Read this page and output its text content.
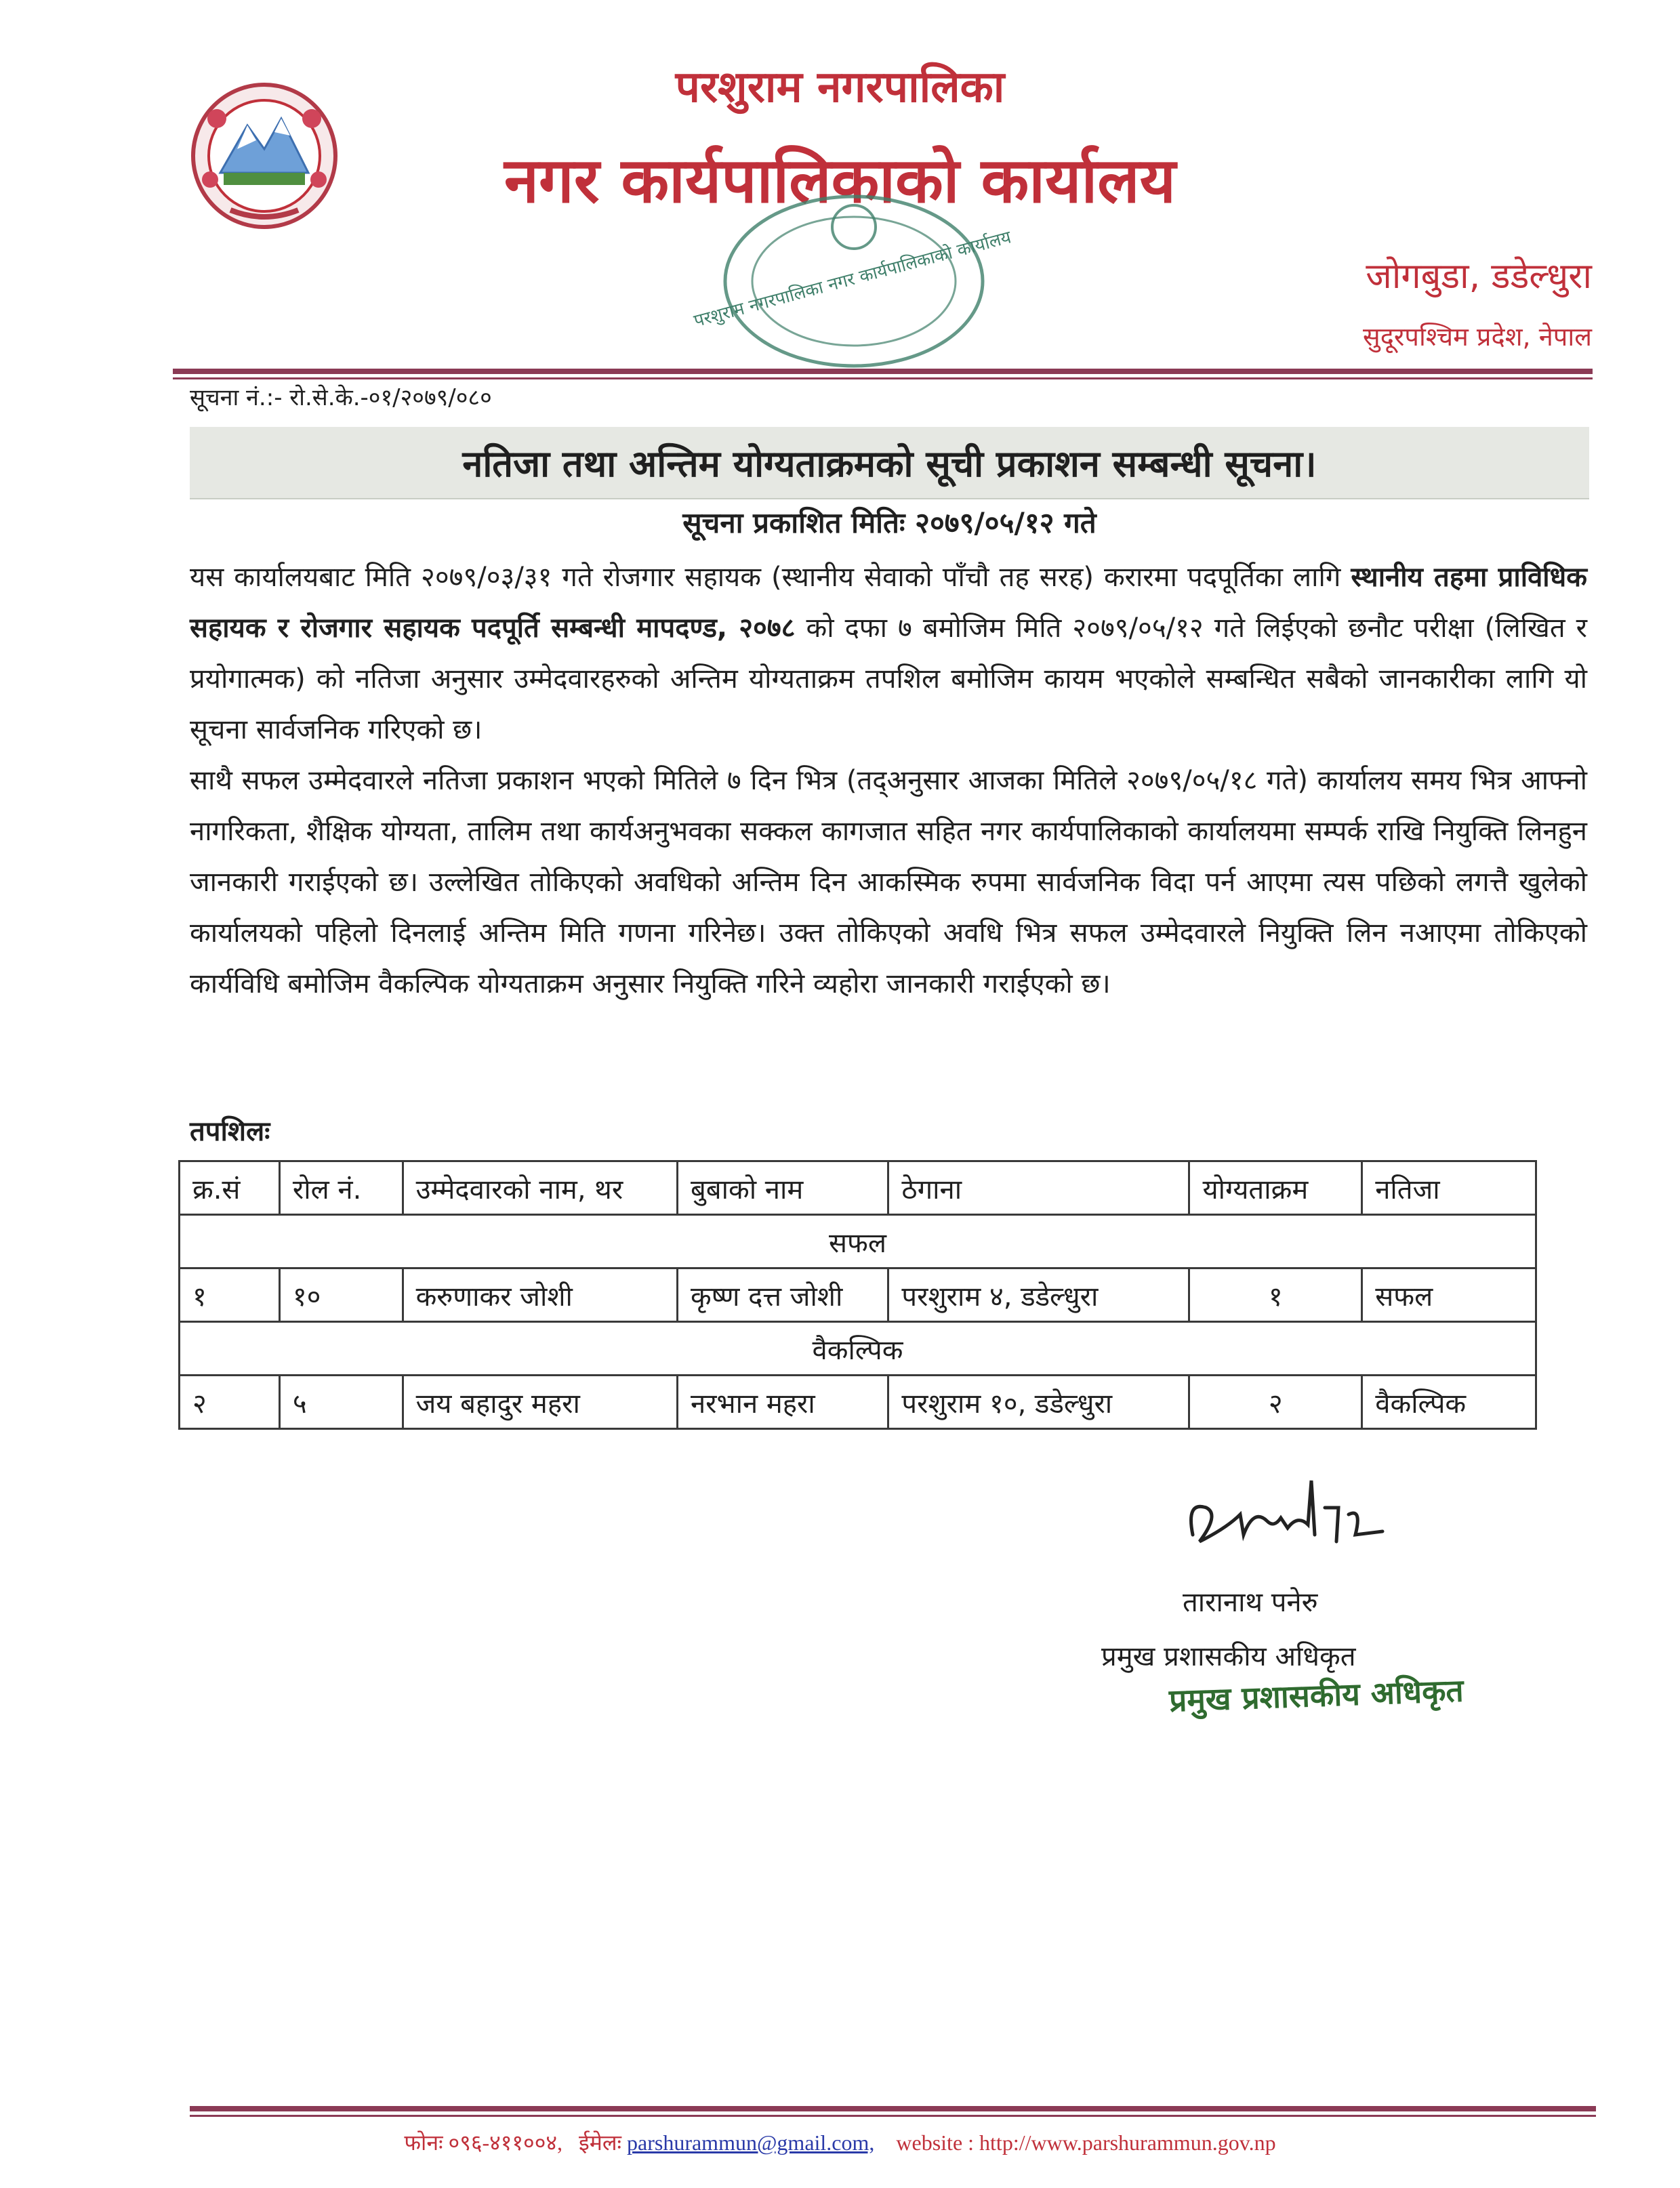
परशुराम नगरपालिका
नगर कार्यपालिकाको कार्यालय
परशुराम नगरपालिका नगर कार्यपालिकाको कार्यालय	जोगबुडा, डडेल्धुरा
सुदूरपश्चिम प्रदेश, नेपाल
सूचना नं.:- रो.से.के.-०१/२०७९/०८०
नतिजा तथा अन्तिम योग्यताक्रमको सूची प्रकाशन सम्बन्धी सूचना।
सूचना प्रकाशित मितिः २०७९/०५/१२ गते
यस कार्यालयबाट मिति २०७९/०३/३१ गते रोजगार सहायक (स्थानीय सेवाको पाँचौ तह सरह) करारमा पदपूर्तिका लागि स्थानीय तहमा प्राविधिक सहायक र रोजगार सहायक पदपूर्ति सम्बन्धी मापदण्ड, २०७८ को दफा ७ बमोजिम मिति २०७९/०५/१२ गते लिईएको छनौट परीक्षा (लिखित र प्रयोगात्मक) को नतिजा अनुसार उम्मेदवारहरुको अन्तिम योग्यताक्रम तपशिल बमोजिम कायम भएकोले सम्बन्धित सबैको जानकारीका लागि यो सूचना सार्वजनिक गरिएको छ।
साथै सफल उम्मेदवारले नतिजा प्रकाशन भएको मितिले ७ दिन भित्र (तद्अनुसार आजका मितिले २०७९/०५/१८ गते) कार्यालय समय भित्र आफ्नो नागरिकता, शैक्षिक योग्यता, तालिम तथा कार्यअनुभवका सक्कल कागजात सहित नगर कार्यपालिकाको कार्यालयमा सम्पर्क राखि नियुक्ति लिनहुन जानकारी गराईएको छ। उल्लेखित तोकिएको अवधिको अन्तिम दिन आकस्मिक रुपमा सार्वजनिक विदा पर्न आएमा त्यस पछिको लगत्तै खुलेको कार्यालयको पहिलो दिनलाई अन्तिम मिति गणना गरिनेछ। उक्त तोकिएको अवधि भित्र सफल उम्मेदवारले नियुक्ति लिन नआएमा तोकिएको कार्यविधि बमोजिम वैकल्पिक योग्यताक्रम अनुसार नियुक्ति गरिने व्यहोरा जानकारी गराईएको छ।
तपशिलः
क्र.सं	रोल नं.	उम्मेदवारको नाम, थर	बुबाको नाम	ठेगाना	योग्यताक्रम	नतिजा
सफल						
१	१०	करुणाकर जोशी	कृष्ण दत्त जोशी	परशुराम ४, डडेल्धुरा	१	सफल
वैकल्पिक						
२	५	जय बहादुर महरा	नरभान महरा	परशुराम १०, डडेल्धुरा	२	वैकल्पिक
तारानाथ पनेरु
प्रमुख प्रशासकीय अधिकृत
प्रमुख प्रशासकीय अधिकृत
फोनः ०९६-४११००४, ईमेलः parshurammun@gmail.com, website : http://www.parshurammun.gov.np
